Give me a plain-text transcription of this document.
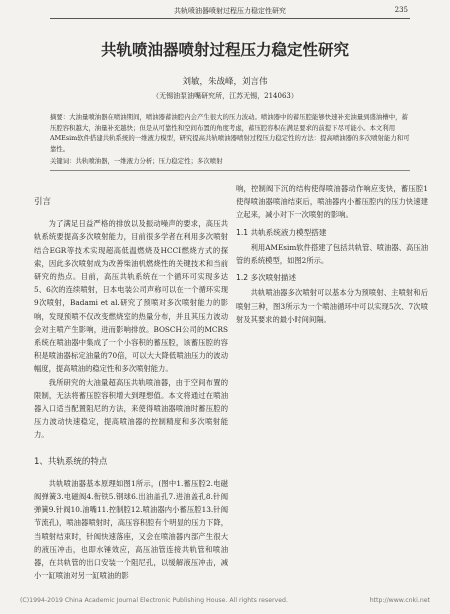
共轨喷油器喷射过程压力稳定性研究	235
共轨喷油器喷射过程压力稳定性研究
刘敏，朱战峰，刘言伟
（无锡油泵油嘴研究所，江苏无锡，214063）
摘要：大油量喷油器在喷油期间，喷油器蓄油腔内会产生很大的压力波动。喷油器中的蓄压腔能够快速补充油量到盛油槽中，蓄压腔容积越大，油量补充越快；但是从可靠性和空间布置的角度考虑，蓄压腔容积在满足要求的前提下尽可能小。本文利用AMEsim软件搭建共轨系统的一维液力模型，研究提高共轨喷油器喷射过程压力稳定性的方法：提高喷油器的多次喷射能力和可靠性。
关键词：共轨喷油器，一维液力分析；压力稳定性；多次喷射
引言

为了满足日益严格的排放以及振动噪声的要求，高压共轨系统要提高多次喷射能力，目前很多学者在利用多次喷射结合EGR等技术实现超高低温燃烧及HCCI燃烧方式的探索，因此多次喷射成为改善柴油机燃烧性的关键技术和当前研究的热点。目前，高压共轨系统在一个循环可实现多达5、6次的连续喷射，日本电装公司声称可以在一个循环实现9次喷射，Badami et al.研究了预喷对多次喷射能力的影响，发现预喷不仅改变燃烧室的热量分布，并且其压力波动会对主喷产生影响，进而影响排放。BOSCH公司的MCRS系统在喷油器中集成了一个小容积的蓄压腔，该蓄压腔的容积是喷油器标定油量的70倍，可以大大降低喷油压力的波动幅度，提高喷油的稳定性和多次喷射能力。

我所研究的大油量超高压共轨喷油器，由于空间布置的限制，无法将蓄压腔容积增大到理想值。本文将通过在喷油器入口适当配置阻尼的方法，来使得喷油器喷油时蓄压腔的压力波动快速稳定，提高喷油器的控制精度和多次喷射能力。

1、共轨系统的特点

共轨喷油器基本原理如图1所示，(图中1.蓄压腔2.电磁阀弹簧3.电磁阀4.衔铁5.钢球6.出油盖孔7.进油盖孔8.针阀弹簧9.针阀10.油嘴11.控制腔12.喷油器内小蓄压腔13.针阀节流孔)，喷油器喷射时，高压容积腔有个明显的压力下降，当喷射结束时，针阀快速落座，又会在喷油器内部产生很大的液压冲击，也即水锤效应，高压油管连接共轨管和喷油器，在共轨管的出口安装一个阻尼孔，以缓解液压冲击，减小一缸喷油对另一缸喷油的影

响，控制阀下沉的结构使得喷油器动作响应变快，蓄压腔1使得喷油器喷油结束后，喷油器内小蓄压腔内的压力快速建立起来，减小对下一次喷射的影响。

1.1 共轨系统液力模型搭建

利用AMEsim软件搭建了包括共轨管、喷油器、高压油管的系统模型，如图2所示。

1.2 多次喷射描述

共轨喷油器多次喷射可以基本分为预喷射、主喷射和后喷射三种，图3所示为一个喷油循环中可以实现5次、7次喷射及其要求的最小时间间隔。

(C)1994-2019 China Academic Journal Electronic Publishing House. All rights reserved.	http://www.cnki.net
